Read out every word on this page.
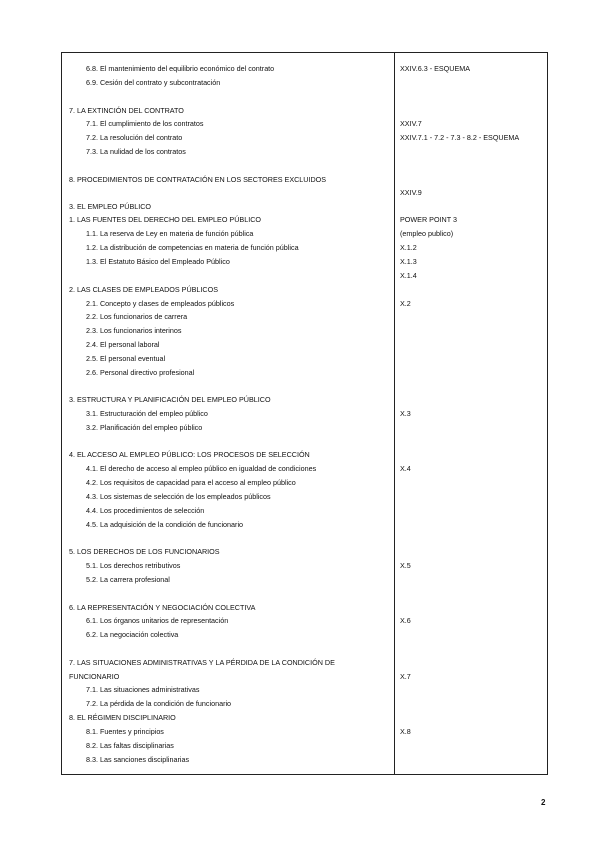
6.8. El mantenimiento del equilibrio económico del contrato
6.9. Cesión del contrato y subcontratación
7. LA EXTINCIÓN DEL CONTRATO
7.1. El cumplimiento de los contratos
7.2. La resolución del contrato
7.3. La nulidad de los contratos
8. PROCEDIMIENTOS DE CONTRATACIÓN EN LOS SECTORES EXCLUIDOS
3. EL EMPLEO PÚBLICO
1. LAS FUENTES DEL DERECHO DEL EMPLEO PÚBLICO
1.1. La reserva de Ley en materia de función pública
1.2. La distribución de competencias en materia de función pública
1.3. El Estatuto Básico del Empleado Público
2. LAS CLASES DE EMPLEADOS PÚBLICOS
2.1. Concepto y clases de empleados públicos
2.2. Los funcionarios de carrera
2.3. Los funcionarios interinos
2.4. El personal laboral
2.5. El personal eventual
2.6. Personal directivo profesional
3. ESTRUCTURA Y PLANIFICACIÓN DEL EMPLEO PÚBLICO
3.1. Estructuración del empleo público
3.2. Planificación del empleo público
4. EL ACCESO AL EMPLEO PÚBLICO: LOS PROCESOS DE SELECCIÓN
4.1. El derecho de acceso al empleo público en igualdad de condiciones
4.2. Los requisitos de capacidad para el acceso al empleo público
4.3. Los sistemas de selección de los empleados públicos
4.4. Los procedimientos de selección
4.5. La adquisición de la condición de funcionario
5. LOS DERECHOS DE LOS FUNCIONARIOS
5.1. Los derechos retributivos
5.2. La carrera profesional
6. LA REPRESENTACIÓN Y NEGOCIACIÓN COLECTIVA
6.1. Los órganos unitarios de representación
6.2. La negociación colectiva
7. LAS SITUACIONES ADMINISTRATIVAS Y LA PÉRDIDA DE LA CONDICIÓN DE
FUNCIONARIO
7.1. Las situaciones administrativas
7.2. La pérdida de la condición de funcionario
8. EL RÉGIMEN DISCIPLINARIO
8.1. Fuentes y principios
8.2. Las faltas disciplinarias
8.3. Las sanciones disciplinarias
XXIV.6.3 - ESQUEMA
XXIV.7
XXIV.7.1 - 7.2 - 7.3 - 8.2 - ESQUEMA
XXIV.9
POWER POINT 3
(empleo publico)
X.1.2
X.1.3
X.1.4
X.2
X.3
X.4
X.5
X.6
X.7
X.8
2
